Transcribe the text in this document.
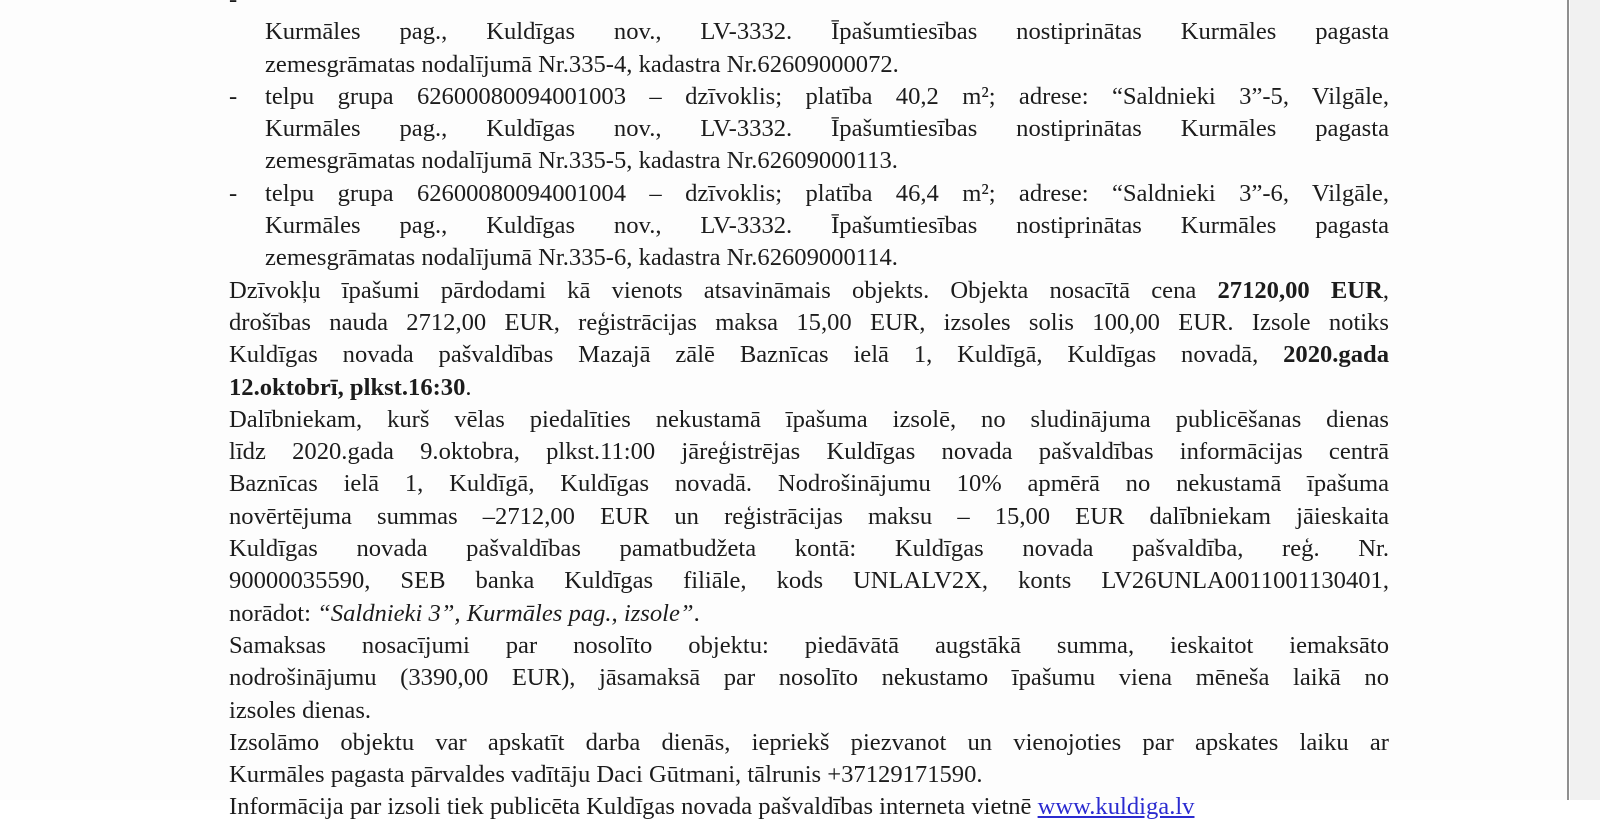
Kurmāles pag., Kuldīgas nov., LV-3332. Īpašumtiesības nostiprinātas Kurmāles pagasta
zemesgrāmatas nodalījumā Nr.335-4, kadastra Nr.62609000072.
- telpu grupa 62600080094001003 – dzīvoklis; platība 40,2 m²; adrese: “Saldnieki 3”-5, Vilgāle,
Kurmāles pag., Kuldīgas nov., LV-3332. Īpašumtiesības nostiprinātas Kurmāles pagasta
zemesgrāmatas nodalījumā Nr.335-5, kadastra Nr.62609000113.
- telpu grupa 62600080094001004 – dzīvoklis; platība 46,4 m²; adrese: “Saldnieki 3”-6, Vilgāle,
Kurmāles pag., Kuldīgas nov., LV-3332. Īpašumtiesības nostiprinātas Kurmāles pagasta
zemesgrāmatas nodalījumā Nr.335-6, kadastra Nr.62609000114.
Dzīvokļu īpašumi pārdodami kā vienots atsavināmais objekts. Objekta nosacītā cena 27120,00 EUR,
drošības nauda 2712,00 EUR, reģistrācijas maksa 15,00 EUR, izsoles solis 100,00 EUR. Izsole notiks
Kuldīgas novada pašvaldības Mazajā zālē Baznīcas ielā 1, Kuldīgā, Kuldīgas novadā, 2020.gada
12.oktobrī, plkst.16:30.
Dalībniekam, kurš vēlas piedalīties nekustamā īpašuma izsolē, no sludinājuma publicēšanas dienas
līdz 2020.gada 9.oktobra, plkst.11:00 jāreģistrējas Kuldīgas novada pašvaldības informācijas centrā
Baznīcas ielā 1, Kuldīgā, Kuldīgas novadā. Nodrošinājumu 10% apmērā no nekustamā īpašuma
novērtējuma summas –2712,00 EUR un reģistrācijas maksu – 15,00 EUR dalībniekam jāieskaita
Kuldīgas novada pašvaldības pamatbudžeta kontā: Kuldīgas novada pašvaldība, reģ. Nr.
90000035590, SEB banka Kuldīgas filiāle, kods UNLALV2X, konts LV26UNLA0011001130401,
norādot: “Saldnieki 3”, Kurmāles pag., izsole”.
Samaksas nosacījumi par nosolīto objektu: piedāvātā augstākā summa, ieskaitot iemaksāto
nodrošinājumu (3390,00 EUR), jāsamaksā par nosolīto nekustamo īpašumu viena mēneša laikā no
izsoles dienas.
Izsolāmo objektu var apskatīt darba dienās, iepriekš piezvanot un vienojoties par apskates laiku ar
Kurmāles pagasta pārvaldes vadītāju Daci Gūtmani, tālrunis +37129171590.
Informācija par izsoli tiek publicēta Kuldīgas novada pašvaldības interneta vietnē www.kuldiga.lv
